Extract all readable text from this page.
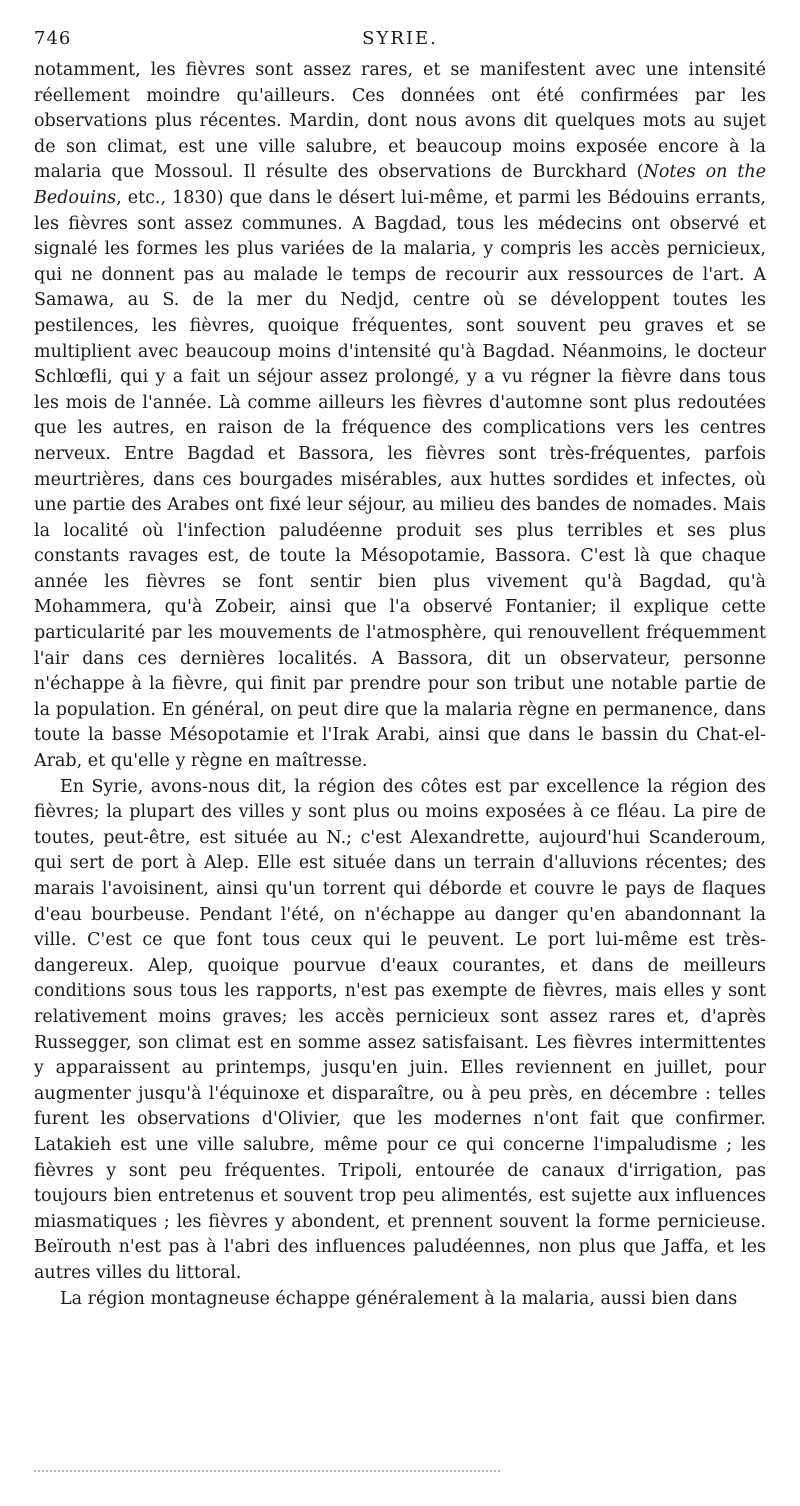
746	SYRIE.

notamment, les fièvres sont assez rares, et se manifestent avec une intensité réellement moindre qu'ailleurs. Ces données ont été confirmées par les observations plus récentes. Mardin, dont nous avons dit quelques mots au sujet de son climat, est une ville salubre, et beaucoup moins exposée encore à la malaria que Mossoul. Il résulte des observations de Burckhard (Notes on the Bedouins, etc., 1830) que dans le désert lui-même, et parmi les Bédouins errants, les fièvres sont assez communes. A Bagdad, tous les médecins ont observé et signalé les formes les plus variées de la malaria, y compris les accès pernicieux, qui ne donnent pas au malade le temps de recourir aux ressources de l'art. A Samawa, au S. de la mer du Nedjd, centre où se développent toutes les pestilences, les fièvres, quoique fréquentes, sont souvent peu graves et se multiplient avec beaucoup moins d'intensité qu'à Bagdad. Néanmoins, le docteur Schlœfli, qui y a fait un séjour assez prolongé, y a vu régner la fièvre dans tous les mois de l'année. Là comme ailleurs les fièvres d'automne sont plus redoutées que les autres, en raison de la fréquence des complications vers les centres nerveux. Entre Bagdad et Bassora, les fièvres sont très-fréquentes, parfois meurtrières, dans ces bourgades misérables, aux huttes sordides et infectes, où une partie des Arabes ont fixé leur séjour, au milieu des bandes de nomades. Mais la localité où l'infection paludéenne produit ses plus terribles et ses plus constants ravages est, de toute la Mésopotamie, Bassora. C'est là que chaque année les fièvres se font sentir bien plus vivement qu'à Bagdad, qu'à Mohammera, qu'à Zobeir, ainsi que l'a observé Fontanier; il explique cette particularité par les mouvements de l'atmosphère, qui renouvellent fréquemment l'air dans ces dernières localités. A Bassora, dit un observateur, personne n'échappe à la fièvre, qui finit par prendre pour son tribut une notable partie de la population. En général, on peut dire que la malaria règne en permanence, dans toute la basse Mésopotamie et l'Irak Arabi, ainsi que dans le bassin du Chat-el-Arab, et qu'elle y règne en maîtresse.

En Syrie, avons-nous dit, la région des côtes est par excellence la région des fièvres; la plupart des villes y sont plus ou moins exposées à ce fléau. La pire de toutes, peut-être, est située au N.; c'est Alexandrette, aujourd'hui Scanderoum, qui sert de port à Alep. Elle est située dans un terrain d'alluvions récentes; des marais l'avoisinent, ainsi qu'un torrent qui déborde et couvre le pays de flaques d'eau bourbeuse. Pendant l'été, on n'échappe au danger qu'en abandonnant la ville. C'est ce que font tous ceux qui le peuvent. Le port lui-même est très-dangereux. Alep, quoique pourvue d'eaux courantes, et dans de meilleurs conditions sous tous les rapports, n'est pas exempte de fièvres, mais elles y sont relativement moins graves; les accès pernicieux sont assez rares et, d'après Russegger, son climat est en somme assez satisfaisant. Les fièvres intermittentes y apparaissent au printemps, jusqu'en juin. Elles reviennent en juillet, pour augmenter jusqu'à l'équinoxe et disparaître, ou à peu près, en décembre : telles furent les observations d'Olivier, que les modernes n'ont fait que confirmer. Latakieh est une ville salubre, même pour ce qui concerne l'impaludisme ; les fièvres y sont peu fréquentes. Tripoli, entourée de canaux d'irrigation, pas toujours bien entretenus et souvent trop peu alimentés, est sujette aux influences miasmatiques ; les fièvres y abondent, et prennent souvent la forme pernicieuse. Beïrouth n'est pas à l'abri des influences paludéennes, non plus que Jaffa, et les autres villes du littoral.

La région montagneuse échappe généralement à la malaria, aussi bien dans
